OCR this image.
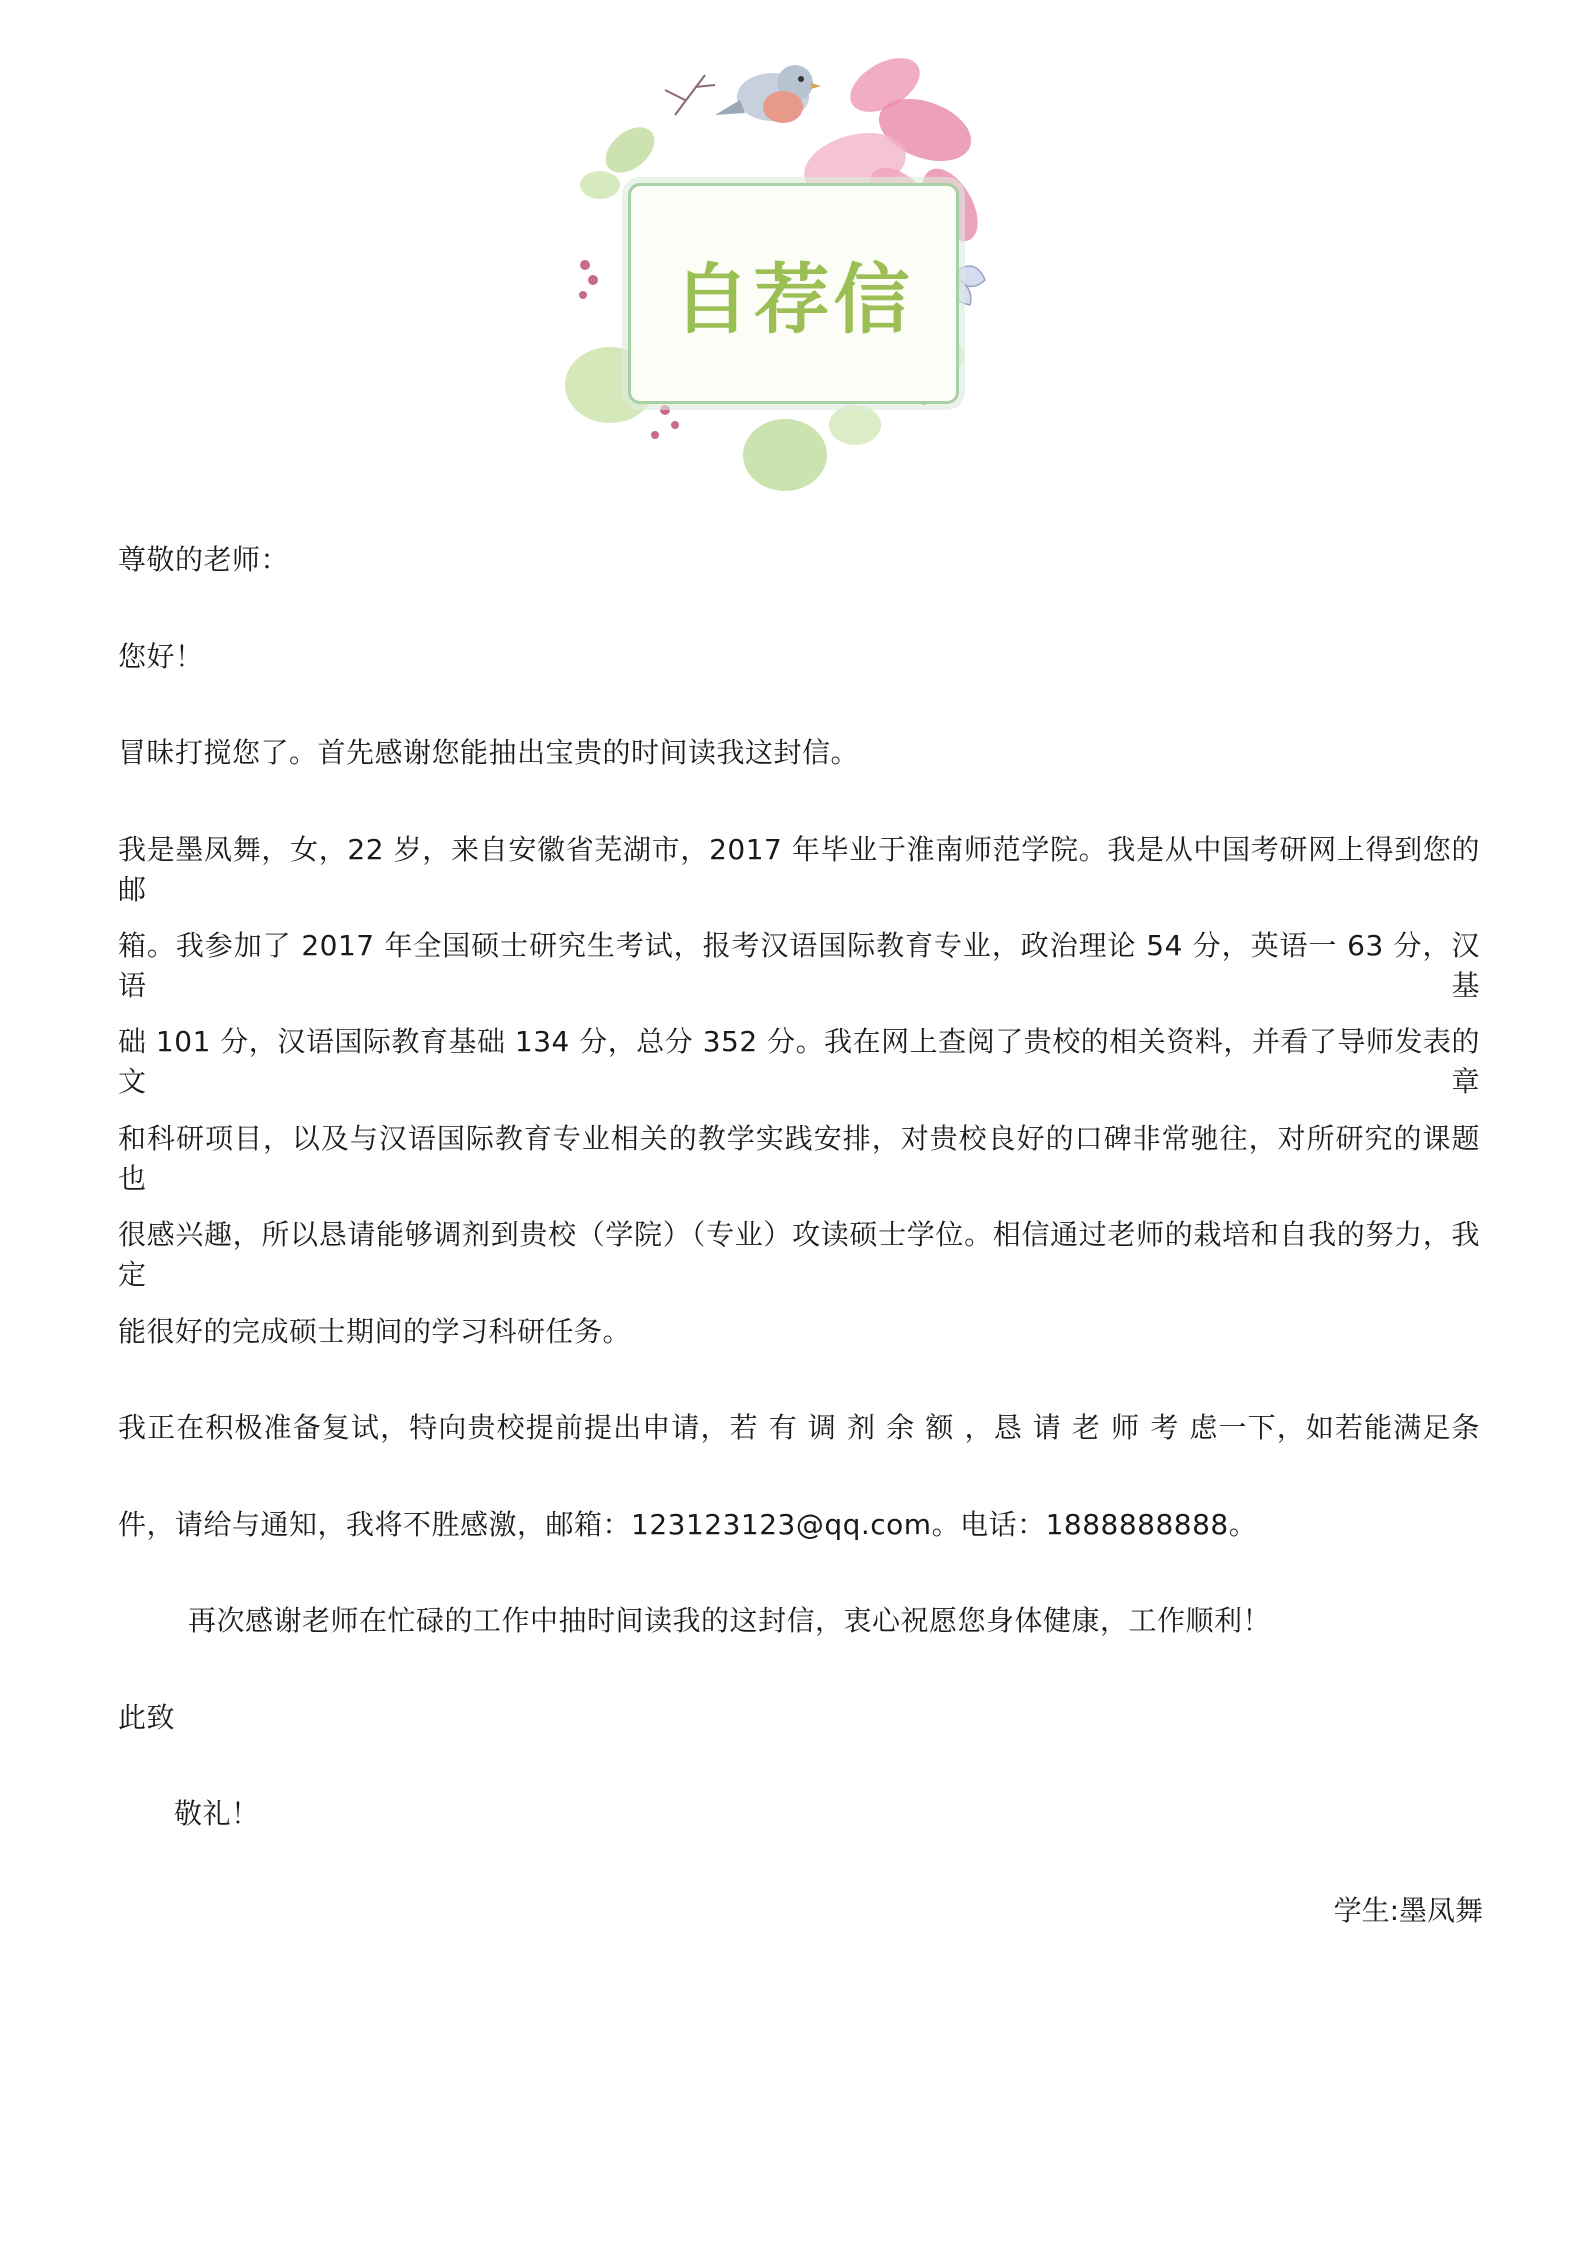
自荐信
尊敬的老师：
您好！
冒昧打搅您了。首先感谢您能抽出宝贵的时间读我这封信。
我是墨凤舞，女，22 岁，来自安徽省芜湖市，2017 年毕业于淮南师范学院。我是从中国考研网上得到您的邮
箱。我参加了 2017 年全国硕士研究生考试，报考汉语国际教育专业，政治理论 54 分，英语一 63 分，汉语基
础 101 分，汉语国际教育基础 134 分，总分 352 分。我在网上查阅了贵校的相关资料，并看了导师发表的文章
和科研项目，以及与汉语国际教育专业相关的教学实践安排，对贵校良好的口碑非常驰往，对所研究的课题也
很感兴趣，所以恳请能够调剂到贵校（学院）（专业）攻读硕士学位。相信通过老师的栽培和自我的努力，我定
能很好的完成硕士期间的学习科研任务。
我正在积极准备复试，特向贵校提前提出申请，若 有 调 剂 余 额 ，恳 请 老 师 考 虑一下，如若能满足条
件，请给与通知，我将不胜感激，邮箱：123123123@qq.com。电话：1888888888。
再次感谢老师在忙碌的工作中抽时间读我的这封信，衷心祝愿您身体健康，工作顺利！
此致
敬礼！
学生:墨凤舞
